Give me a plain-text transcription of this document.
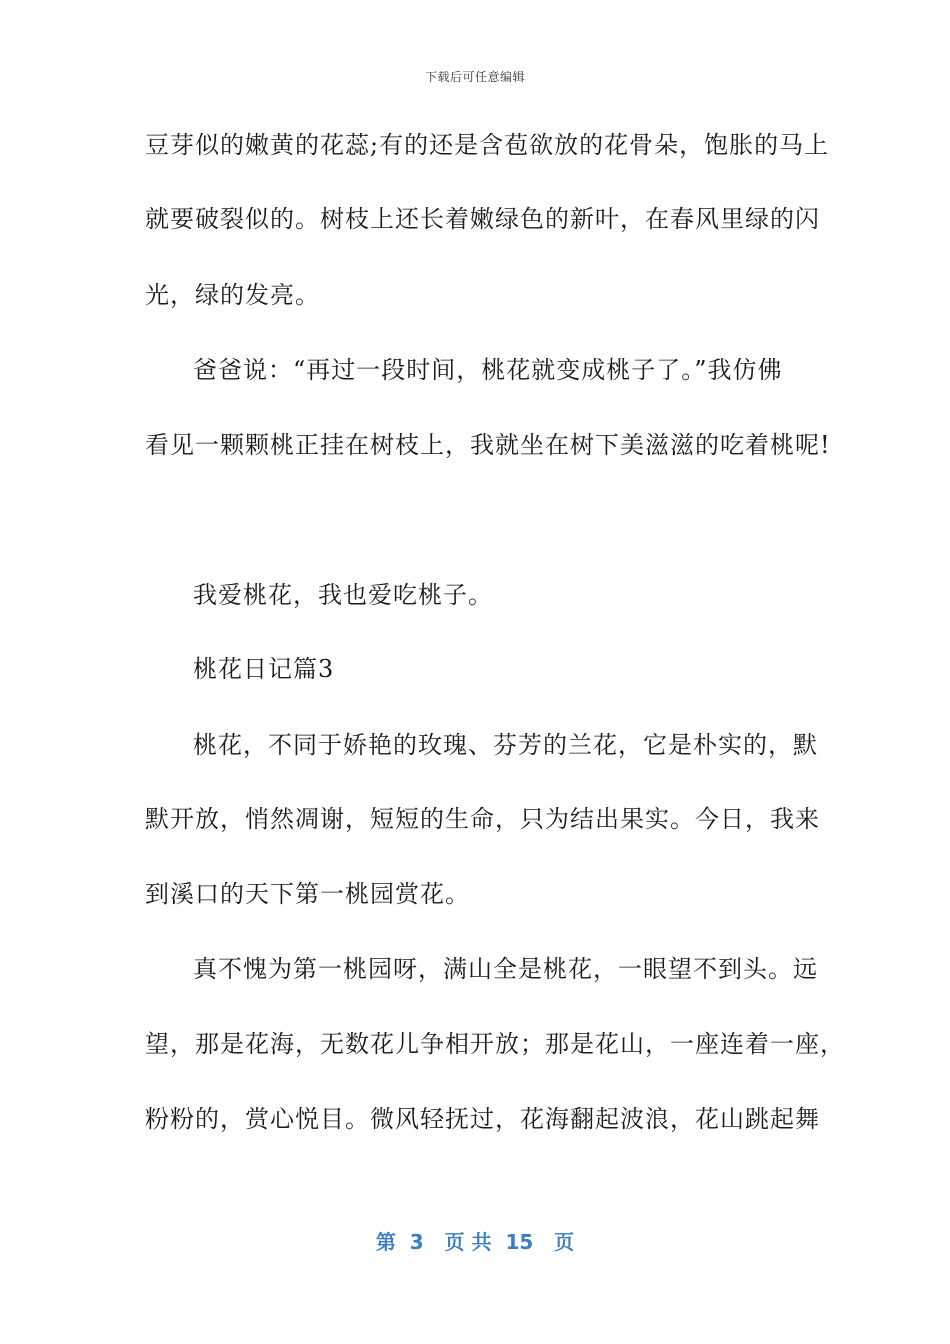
下载后可任意编辑
豆芽似的嫩黄的花蕊;有的还是含苞欲放的花骨朵，饱胀的马上
就要破裂似的。树枝上还长着嫩绿色的新叶，在春风里绿的闪
光，绿的发亮。
爸爸说：“再过一段时间，桃花就变成桃子了。”我仿佛
看见一颗颗桃正挂在树枝上，我就坐在树下美滋滋的吃着桃呢!
我爱桃花，我也爱吃桃子。
桃花日记篇3
桃花，不同于娇艳的玫瑰、芬芳的兰花，它是朴实的，默
默开放，悄然凋谢，短短的生命，只为结出果实。今日，我来
到溪口的天下第一桃园赏花。
真不愧为第一桃园呀，满山全是桃花，一眼望不到头。远
望，那是花海，无数花儿争相开放；那是花山，一座连着一座，
粉粉的，赏心悦目。微风轻抚过，花海翻起波浪，花山跳起舞
第  3   页 共  15   页
